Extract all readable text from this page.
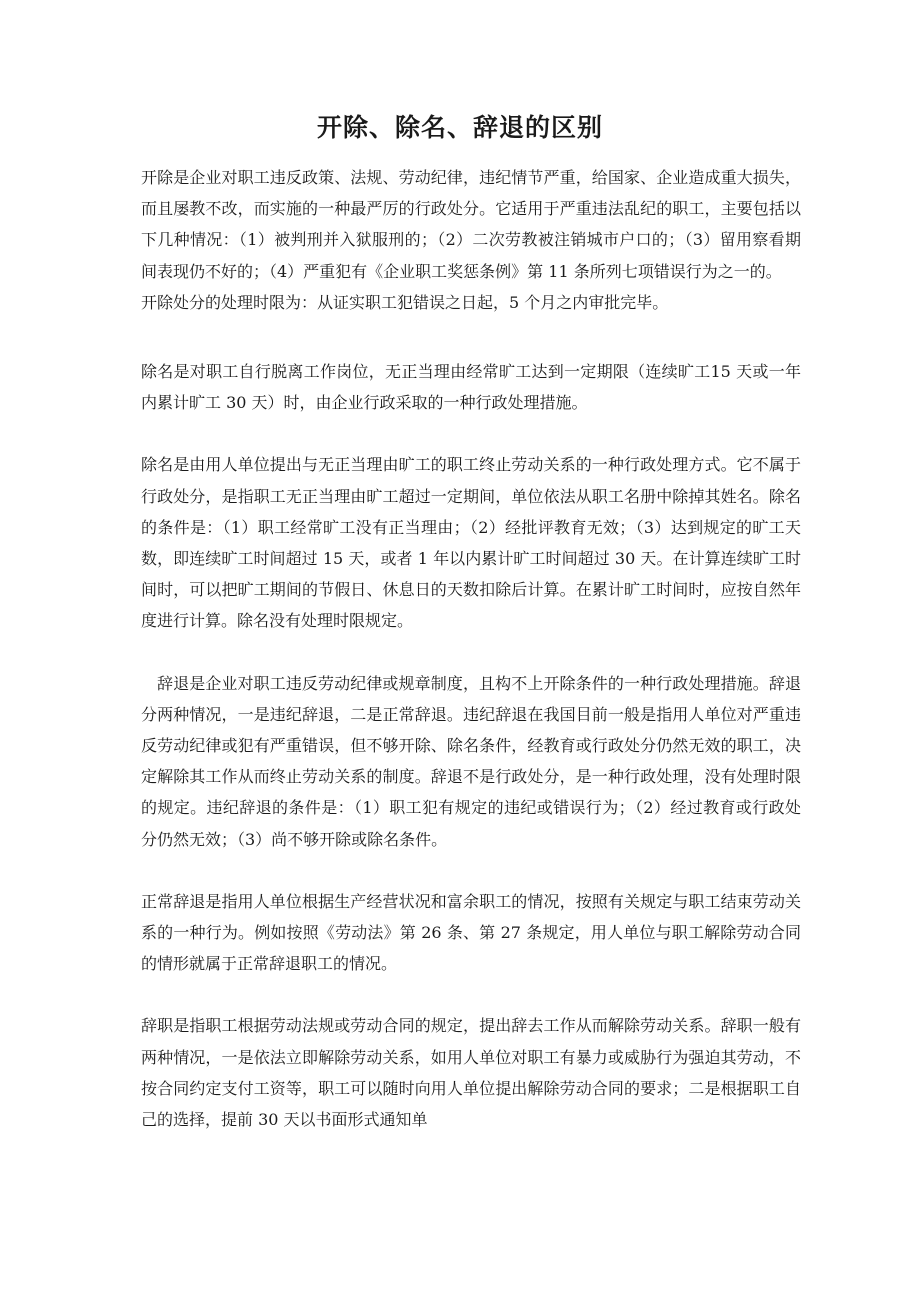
开除、除名、辞退的区别

开除是企业对职工违反政策、法规、劳动纪律，违纪情节严重，给国家、企业造成重大损失，而且屡教不改，而实施的一种最严厉的行政处分。它适用于严重违法乱纪的职工，主要包括以下几种情况：（1）被判刑并入狱服刑的；（2）二次劳教被注销城市户口的；（3）留用察看期间表现仍不好的；（4）严重犯有《企业职工奖惩条例》第 11 条所列七项错误行为之一的。

开除处分的处理时限为：从证实职工犯错误之日起，5 个月之内审批完毕。

除名是对职工自行脱离工作岗位，无正当理由经常旷工达到一定期限（连续旷工15 天或一年内累计旷工 30 天）时，由企业行政采取的一种行政处理措施。

除名是由用人单位提出与无正当理由旷工的职工终止劳动关系的一种行政处理方式。它不属于行政处分，是指职工无正当理由旷工超过一定期间，单位依法从职工名册中除掉其姓名。除名的条件是：（1）职工经常旷工没有正当理由；（2）经批评教育无效；（3）达到规定的旷工天数，即连续旷工时间超过 15 天，或者 1 年以内累计旷工时间超过 30 天。在计算连续旷工时间时，可以把旷工期间的节假日、休息日的天数扣除后计算。在累计旷工时间时，应按自然年度进行计算。除名没有处理时限规定。

辞退是企业对职工违反劳动纪律或规章制度，且构不上开除条件的一种行政处理措施。辞退分两种情况，一是违纪辞退，二是正常辞退。违纪辞退在我国目前一般是指用人单位对严重违反劳动纪律或犯有严重错误，但不够开除、除名条件，经教育或行政处分仍然无效的职工，决定解除其工作从而终止劳动关系的制度。辞退不是行政处分，是一种行政处理，没有处理时限的规定。违纪辞退的条件是：（1）职工犯有规定的违纪或错误行为；（2）经过教育或行政处分仍然无效；（3）尚不够开除或除名条件。

正常辞退是指用人单位根据生产经营状况和富余职工的情况，按照有关规定与职工结束劳动关系的一种行为。例如按照《劳动法》第 26 条、第 27 条规定，用人单位与职工解除劳动合同的情形就属于正常辞退职工的情况。

辞职是指职工根据劳动法规或劳动合同的规定，提出辞去工作从而解除劳动关系。辞职一般有两种情况，一是依法立即解除劳动关系，如用人单位对职工有暴力或威胁行为强迫其劳动，不按合同约定支付工资等，职工可以随时向用人单位提出解除劳动合同的要求；二是根据职工自己的选择，提前 30 天以书面形式通知单
